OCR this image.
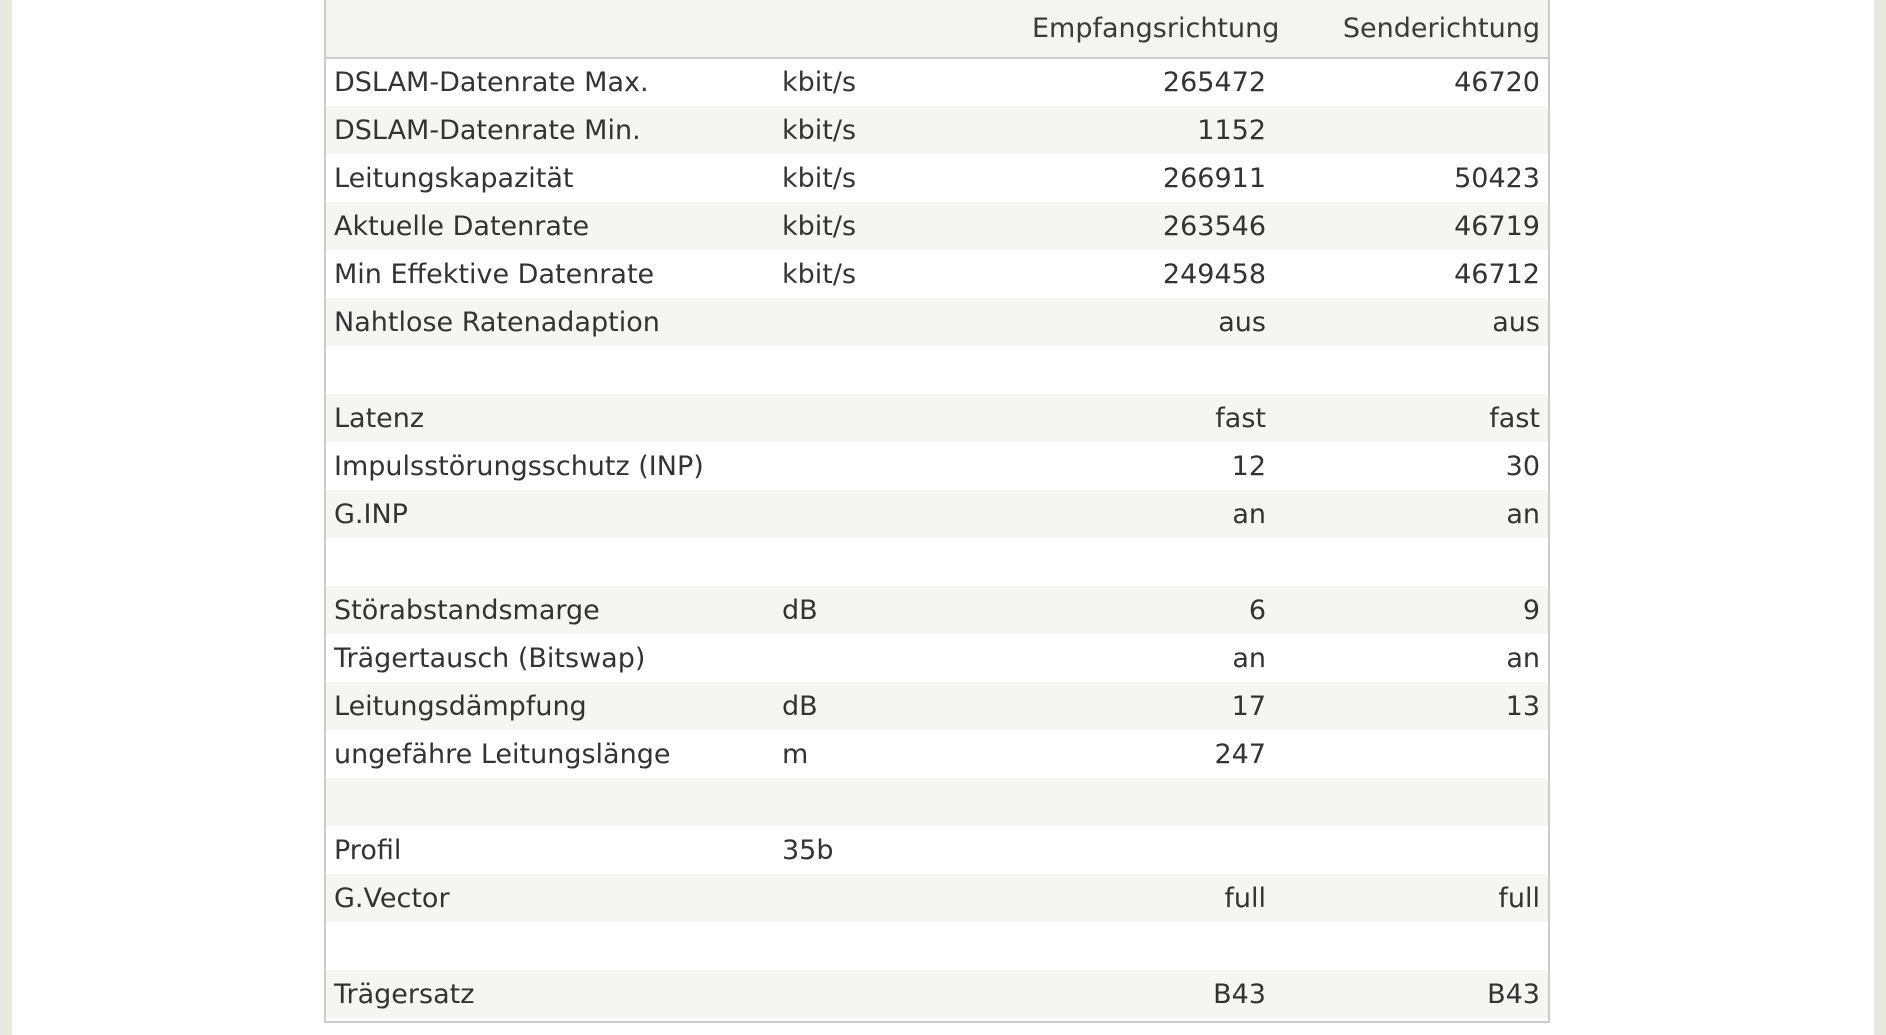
		Empfangsrichtung	Senderichtung
DSLAM-Datenrate Max.	kbit/s	265472	46720
DSLAM-Datenrate Min.	kbit/s	1152	
Leitungskapazität	kbit/s	266911	50423
Aktuelle Datenrate	kbit/s	263546	46719
Min Effektive Datenrate	kbit/s	249458	46712
Nahtlose Ratenadaption		aus	aus

Latenz		fast	fast
Impulsstörungsschutz (INP)		12	30
G.INP		an	an

Störabstandsmarge	dB	6	9
Trägertausch (Bitswap)		an	an
Leitungsdämpfung	dB	17	13
ungefähre Leitungslänge	m	247	

Profil	35b		
G.Vector		full	full

Trägersatz		B43	B43
